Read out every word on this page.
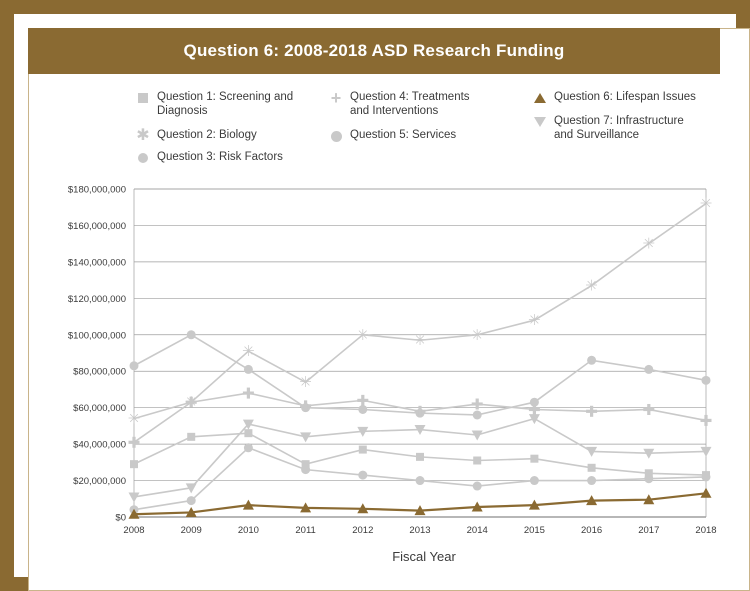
Question 6: 2008-2018 ASD Research Funding
Question 1: Screening and Diagnosis
✱ Question 2: Biology
Question 3: Risk Factors
+ Question 4: Treatments and Interventions
Question 5: Services
Question 6: Lifespan Issues
Question 7: Infrastructure and Surveillance
$0
$20,000,000
$40,000,000
$60,000,000
$80,000,000
$100,000,000
$120,000,000
$140,000,000
$160,000,000
$180,000,000
2008	2009	2010	2011	2012	2013	2014	2015	2016	2017	2018
✳
✳
✳
✳	✳	✳
✳
✳
✳
✳
Fiscal Year
